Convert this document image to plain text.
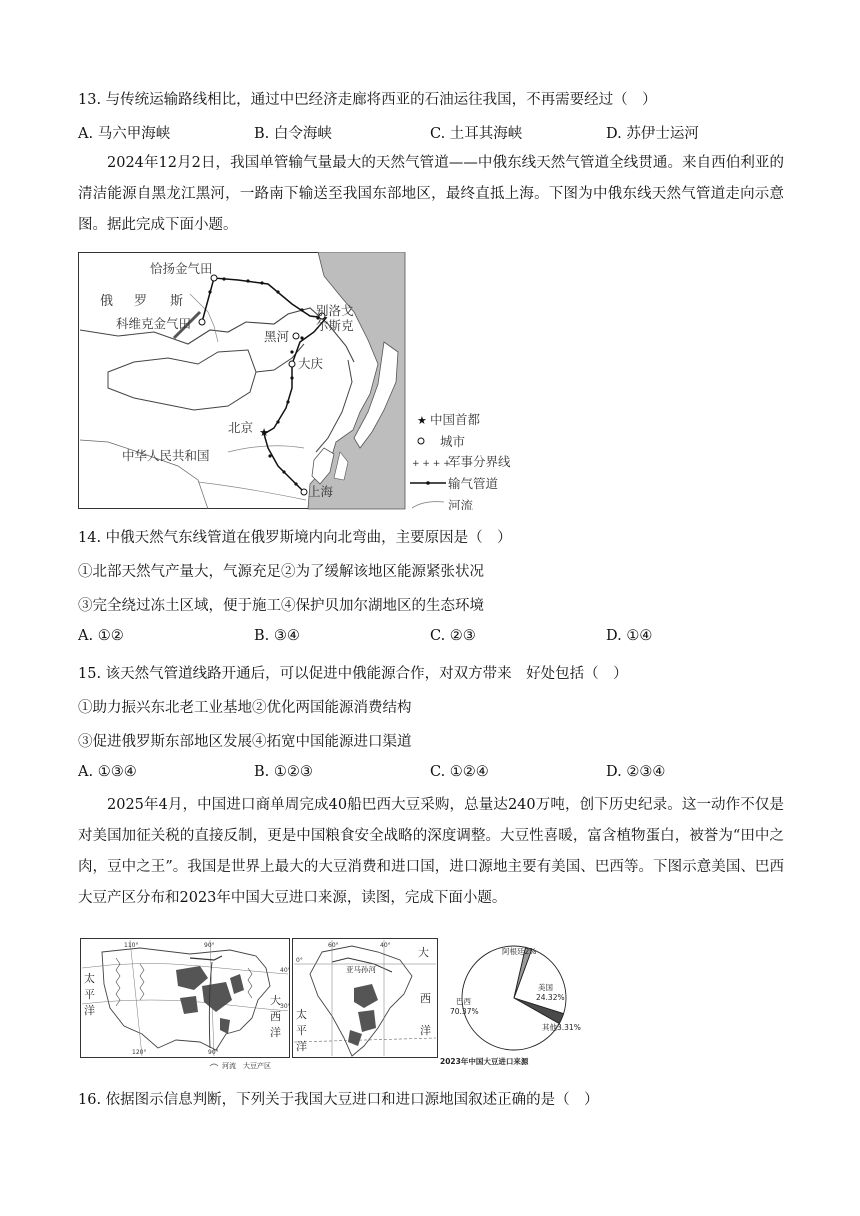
13. 与传统运输路线相比，通过中巴经济走廊将西亚的石油运往我国，不再需要经过（　）
A. 马六甲海峡	B. 白令海峡	C. 土耳其海峡	D. 苏伊士运河
2024年12月2日，我国单管输气量最大的天然气管道——中俄东线天然气管道全线贯通。来自西伯利亚的清洁能源自黑龙江黑河，一路南下输送至我国东部地区，最终直抵上海。下图为中俄东线天然气管道走向示意图。据此完成下面小题。
★
恰扬金气田
俄 罗 斯
科维克金气田
别洛戈
尔斯克
黑河
大庆
北京
中华人民共和国
上海
★ 中国首都
城市
+ + + +
军事分界线
输气管道
河流
14. 中俄天然气东线管道在俄罗斯境内向北弯曲，主要原因是（　）
①北部天然气产量大，气源充足②为了缓解该地区能源紧张状况
③完全绕过冻土区域，便于施工④保护贝加尔湖地区的生态环境
A. ①②	B. ③④	C. ②③	D. ①④
15. 该天然气管道线路开通后，可以促进中俄能源合作，对双方带来　好处包括（　）
①助力振兴东北老工业基地②优化两国能源消费结构
③促进俄罗斯东部地区发展④拓宽中国能源进口渠道
A. ①③④	B. ①②③	C. ①②④	D. ②③④
2025年4月，中国进口商单周完成40船巴西大豆采购，总量达240万吨，创下历史纪录。这一动作不仅是对美国加征关税的直接反制，更是中国粮食安全战略的深度调整。大豆性喜暖，富含植物蛋白，被誉为“田中之肉，豆中之王”。我国是世界上最大的大豆消费和进口国，进口源地主要有美国、巴西等。下图示意美国、巴西大豆产区分布和2023年中国大豆进口来源，读图，完成下面小题。
太
平
洋
大
西
洋
110°	90°
40°
30°
120°	90°
河流　大豆产区
亚马孙河
大
西
洋
太
平
洋
60°	40°
0°
阿根廷2%
美国 24.32%
巴西 70.37%
其他3.31%
2023年中国大豆进口来源
16. 依据图示信息判断，下列关于我国大豆进口和进口源地国叙述正确的是（　）
